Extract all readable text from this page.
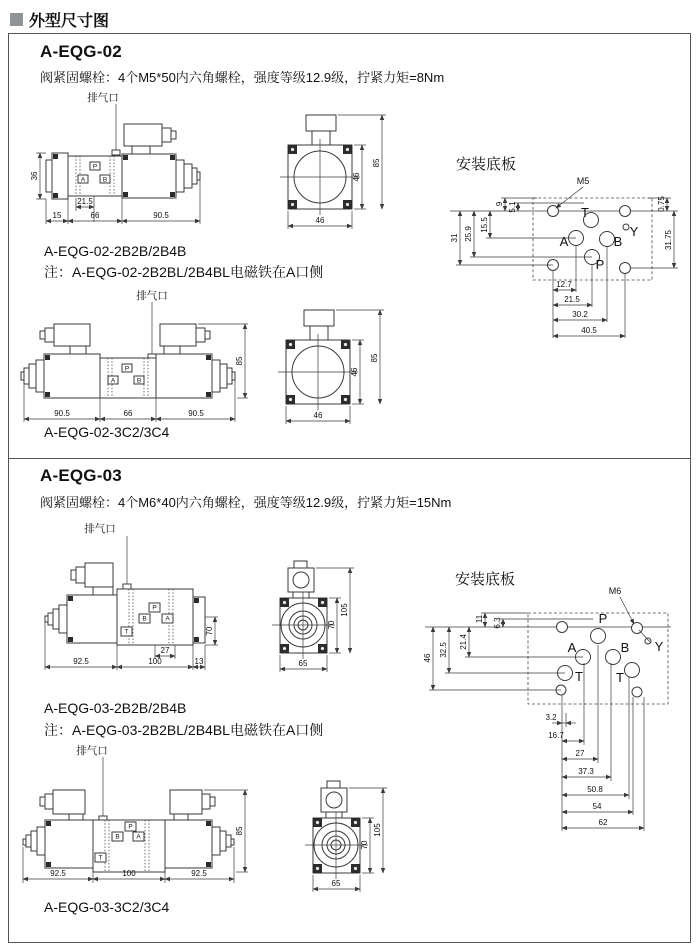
外型尺寸图
A-EQG-02
阀紧固螺栓：4个M5*50内六角螺栓，强度等级12.9级，拧紧力矩=8Nm
排气口
P
A	B
36
21.5
15	66	90.5
46
85
46
安装底板
M5
T
Y
A	B
P
31 25.9
15.5
9 5.1	0.75
31.75
12.7
21.5
30.2
40.5
A-EQG-02-2B2B/2B4B
注：A-EQG-02-2B2BL/2B4BL电磁铁在A口侧
排气口
P
A	B
90.5	66	90.5
85
46
85
46
A-EQG-02-3C2/3C4
A-EQG-03
阀紧固螺栓：4个M6*40内六角螺栓，强度等级12.9级，拧紧力矩=15Nm
排气口
P
B	A
T
27
70
92.5	100	13
70
105
65
安装底板
M6
P
A	B
T	T
Y
46
32.5
21.4
11 6.3
3.2
16.7
27
37.3
50.8
54
62
A-EQG-03-2B2B/2B4B
注：A-EQG-03-2B2BL/2B4BL电磁铁在A口侧
排气口
P
B	A
T
92.5	100	92.5
85
70
105
65
A-EQG-03-3C2/3C4
